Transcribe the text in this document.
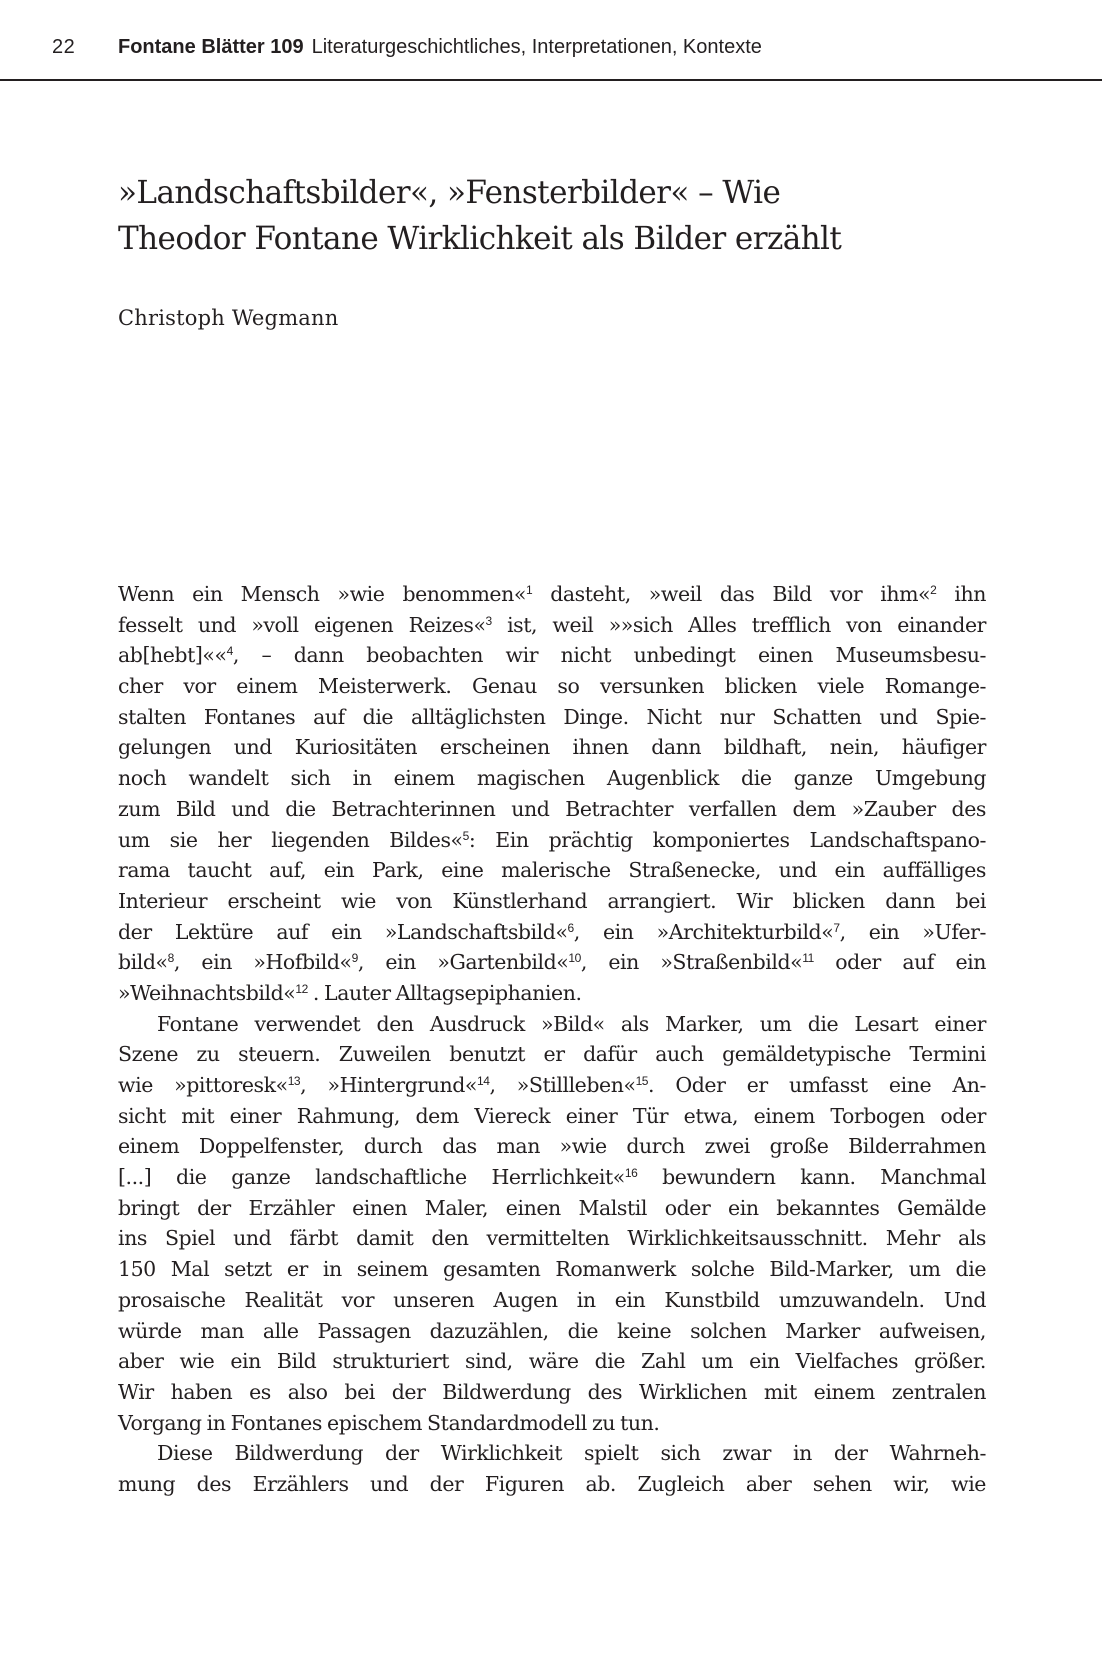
22 Fontane Blätter 109 Literaturgeschichtliches, Interpretationen, Kontexte
»Landschaftsbilder«, »Fensterbilder« – Wie
Theodor Fontane Wirklichkeit als Bilder erzählt

Christoph Wegmann

Wenn ein Mensch »wie benommen«$^1$ dasteht, »weil das Bild vor ihm«$^2$ ihn
fesselt und »voll eigenen Reizes«$^3$ ist, weil »»sich Alles trefflich von einander
ab[hebt]««$^4$, – dann beobachten wir nicht unbedingt einen Museumsbesu-
cher vor einem Meisterwerk. Genau so versunken blicken viele Romange-
stalten Fontanes auf die alltäglichsten Dinge. Nicht nur Schatten und Spie-
gelungen und Kuriositäten erscheinen ihnen dann bildhaft, nein, häufiger
noch wandelt sich in einem magischen Augenblick die ganze Umgebung
zum Bild und die Betrachterinnen und Betrachter verfallen dem »Zauber des
um sie her liegenden Bildes«$^5$: Ein prächtig komponiertes Landschaftspano-
rama taucht auf, ein Park, eine malerische Straßenecke, und ein auffälliges
Interieur erscheint wie von Künstlerhand arrangiert. Wir blicken dann bei
der Lektüre auf ein »Landschaftsbild«$^6$, ein »Architekturbild«$^7$, ein »Ufer-
bild«$^8$, ein »Hofbild«$^9$, ein »Gartenbild«$^{10}$, ein »Straßenbild«$^{11}$ oder auf ein
»Weihnachtsbild«$^{12}$ . Lauter Alltagsepiphanien.
Fontane verwendet den Ausdruck »Bild« als Marker, um die Lesart einer
Szene zu steuern. Zuweilen benutzt er dafür auch gemäldetypische Termini
wie »pittoresk«$^{13}$, »Hintergrund«$^{14}$, »Stillleben«$^{15}$. Oder er umfasst eine An-
sicht mit einer Rahmung, dem Viereck einer Tür etwa, einem Torbogen oder
einem Doppelfenster, durch das man »wie durch zwei große Bilderrahmen
[...] die ganze landschaftliche Herrlichkeit«$^{16}$ bewundern kann. Manchmal
bringt der Erzähler einen Maler, einen Malstil oder ein bekanntes Gemälde
ins Spiel und färbt damit den vermittelten Wirklichkeitsausschnitt. Mehr als
150 Mal setzt er in seinem gesamten Romanwerk solche Bild-Marker, um die
prosaische Realität vor unseren Augen in ein Kunstbild umzuwandeln. Und
würde man alle Passagen dazuzählen, die keine solchen Marker aufweisen,
aber wie ein Bild strukturiert sind, wäre die Zahl um ein Vielfaches größer.
Wir haben es also bei der Bildwerdung des Wirklichen mit einem zentralen
Vorgang in Fontanes epischem Standardmodell zu tun.
Diese Bildwerdung der Wirklichkeit spielt sich zwar in der Wahrneh-
mung des Erzählers und der Figuren ab. Zugleich aber sehen wir, wie
